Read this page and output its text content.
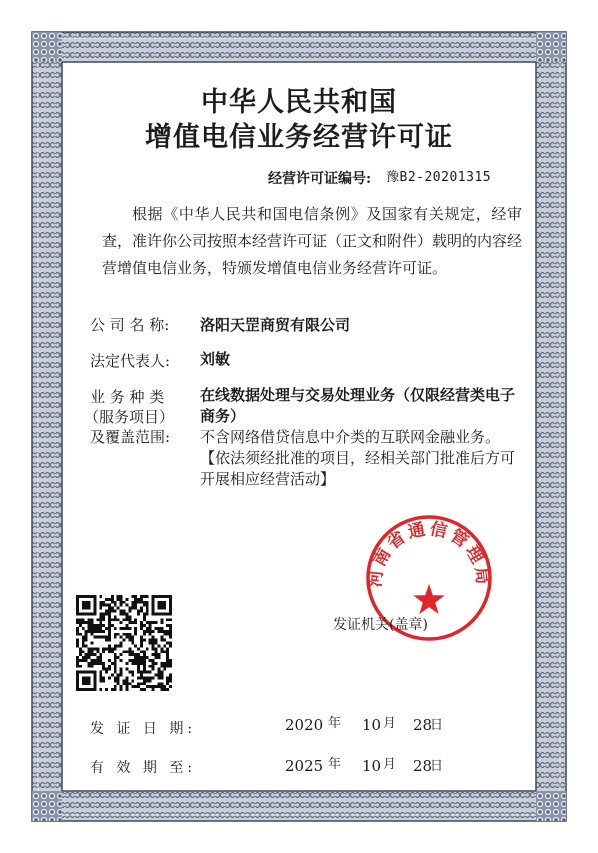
中华人民共和国
增值电信业务经营许可证
经营许可证编号: 豫B2-20201315
根据《中华人民共和国电信条例》及国家有关规定，经审查，准许你公司按照本经营许可证（正文和附件）载明的内容经营增值电信业务，特颁发增值电信业务经营许可证。
公 司 名 称: 洛阳天罡商贸有限公司
法定代表人: 刘敏
业 务 种 类
（服务项目）
及覆盖范围:
在线数据处理与交易处理业务（仅限经营类电子商务）
不含网络借贷信息中介类的互联网金融业务。【依法须经批准的项目，经相关部门批准后方可开展相应经营活动】
河南省通信管理局
发证机关(盖章)
发 证 日 期:	2020 年 10 月 28
日
有 效 期 至:	2025 年 10 月 28
日
